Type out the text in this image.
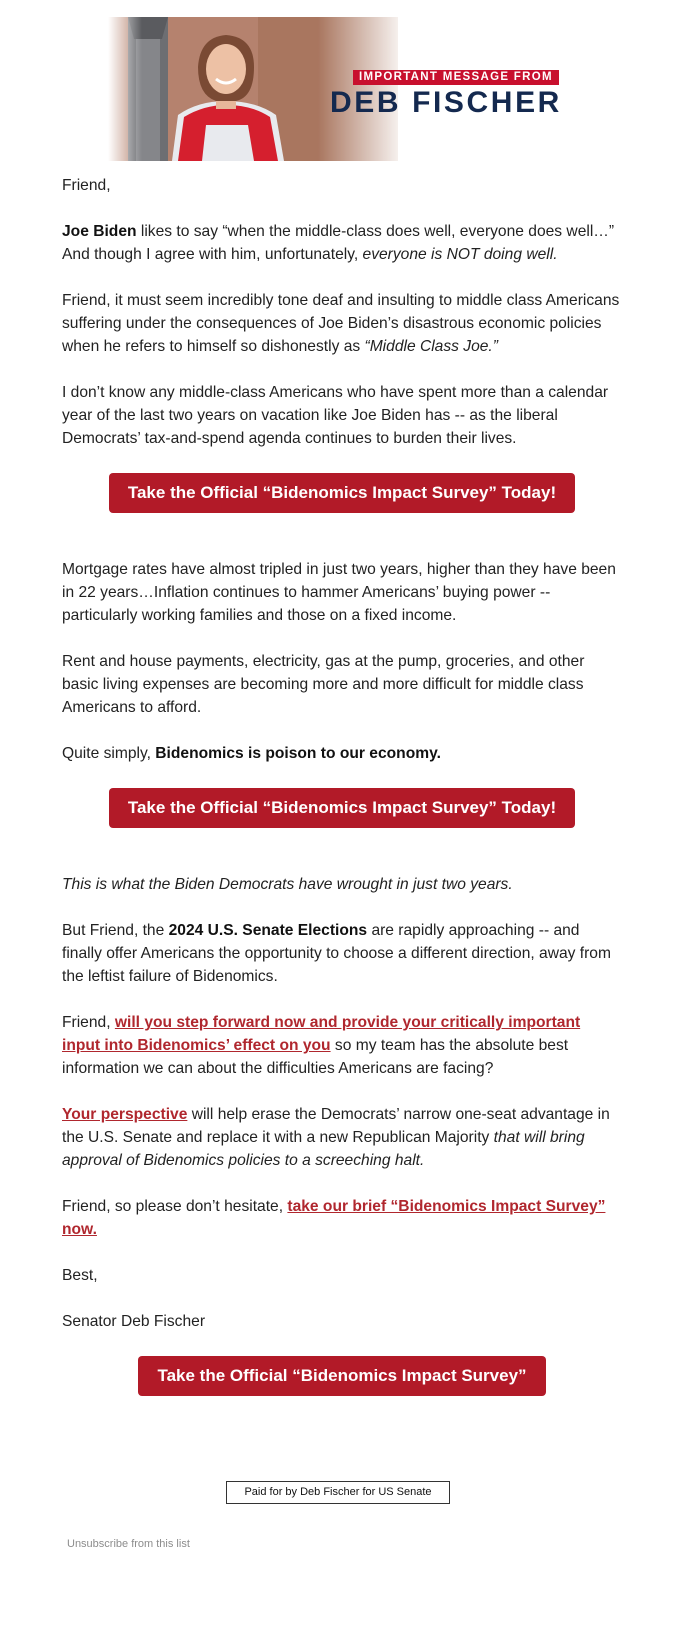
IMPORTANT MESSAGE FROM
DEB FISCHER

Friend,

Joe Biden likes to say “when the middle-class does well, everyone does well…” And though I agree with him, unfortunately, everyone is NOT doing well.

Friend, it must seem incredibly tone deaf and insulting to middle class Americans suffering under the consequences of Joe Biden’s disastrous economic policies when he refers to himself so dishonestly as “Middle Class Joe.”

I don’t know any middle-class Americans who have spent more than a calendar year of the last two years on vacation like Joe Biden has -- as the liberal Democrats’ tax-and-spend agenda continues to burden their lives.

Take the Official “Bidenomics Impact Survey” Today!

Mortgage rates have almost tripled in just two years, higher than they have been in 22 years…Inflation continues to hammer Americans’ buying power -- particularly working families and those on a fixed income.

Rent and house payments, electricity, gas at the pump, groceries, and other basic living expenses are becoming more and more difficult for middle class Americans to afford.

Quite simply, Bidenomics is poison to our economy.

Take the Official “Bidenomics Impact Survey” Today!

This is what the Biden Democrats have wrought in just two years.

But Friend, the 2024 U.S. Senate Elections are rapidly approaching -- and finally offer Americans the opportunity to choose a different direction, away from the leftist failure of Bidenomics.

Friend, will you step forward now and provide your critically important input into Bidenomics’ effect on you so my team has the absolute best information we can about the difficulties Americans are facing?

Your perspective will help erase the Democrats’ narrow one-seat advantage in the U.S. Senate and replace it with a new Republican Majority that will bring approval of Bidenomics policies to a screeching halt.

Friend, so please don’t hesitate, take our brief “Bidenomics Impact Survey” now.

Best,

Senator Deb Fischer

Take the Official “Bidenomics Impact Survey”
Paid for by Deb Fischer for US Senate
Unsubscribe from this list
